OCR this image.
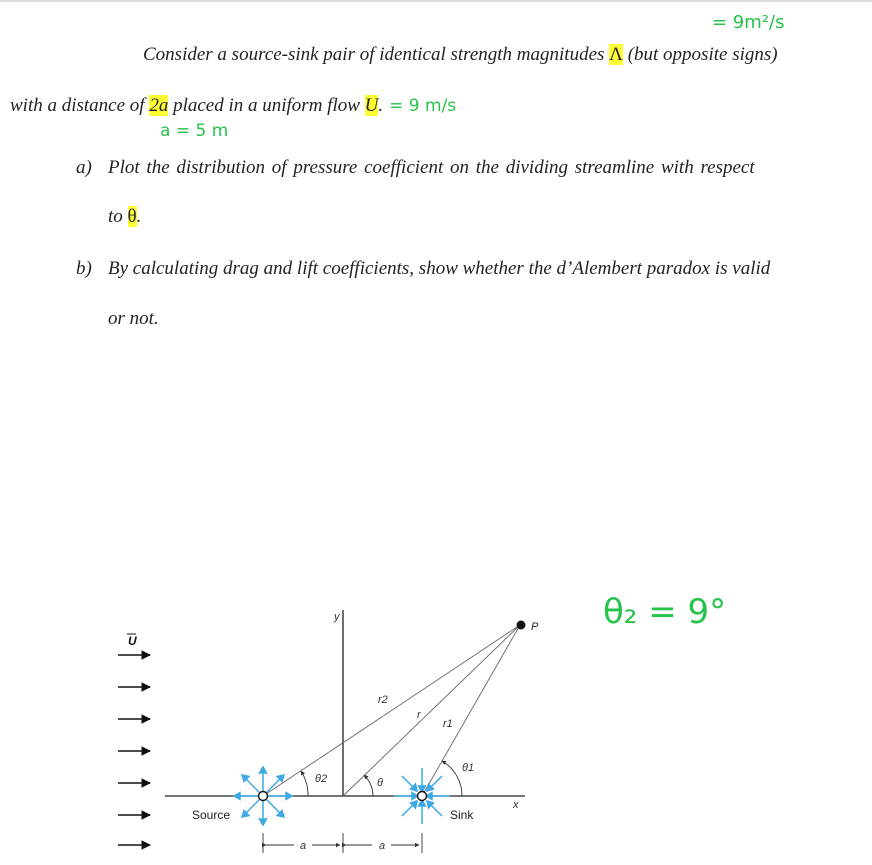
= 9m²/s
Consider a source-sink pair of identical strength magnitudes Λ (but opposite signs)
with a distance of 2a placed in a uniform flow U. = 9 m/s
a = 5 m
a) Plot the distribution of pressure coefficient on the dividing streamline with respect
to θ.
b) By calculating drag and lift coefficients, show whether the d’Alembert paradox is valid
or not.
θ₂ = 9°
U
y
x
P
r2
r
r1
θ2	θ
θ1
Source	Sink
a	a
